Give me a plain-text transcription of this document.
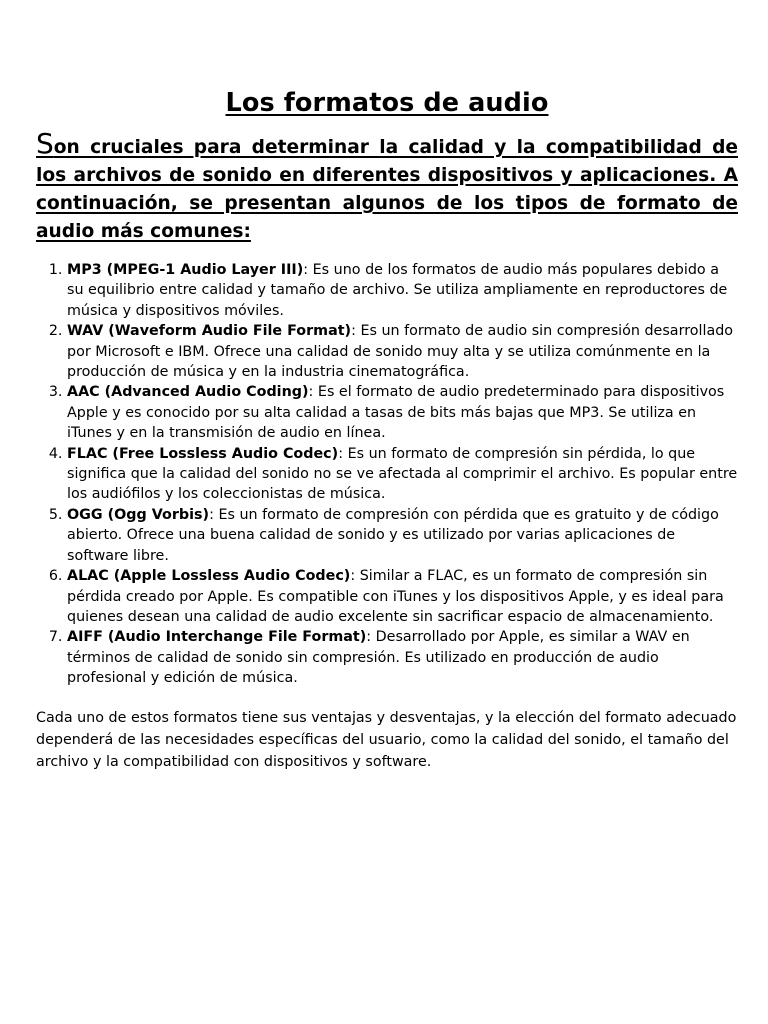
Los formatos de audio

Son cruciales para determinar la calidad y la compatibilidad de los archivos de sonido en diferentes dispositivos y aplicaciones. A continuación, se presentan algunos de los tipos de formato de audio más comunes:

1. MP3 (MPEG-1 Audio Layer III): Es uno de los formatos de audio más populares debido a su equilibrio entre calidad y tamaño de archivo. Se utiliza ampliamente en reproductores de música y dispositivos móviles.
2. WAV (Waveform Audio File Format): Es un formato de audio sin compresión desarrollado por Microsoft e IBM. Ofrece una calidad de sonido muy alta y se utiliza comúnmente en la producción de música y en la industria cinematográfica.
3. AAC (Advanced Audio Coding): Es el formato de audio predeterminado para dispositivos Apple y es conocido por su alta calidad a tasas de bits más bajas que MP3. Se utiliza en iTunes y en la transmisión de audio en línea.
4. FLAC (Free Lossless Audio Codec): Es un formato de compresión sin pérdida, lo que significa que la calidad del sonido no se ve afectada al comprimir el archivo. Es popular entre los audiófilos y los coleccionistas de música.
5. OGG (Ogg Vorbis): Es un formato de compresión con pérdida que es gratuito y de código abierto. Ofrece una buena calidad de sonido y es utilizado por varias aplicaciones de software libre.
6. ALAC (Apple Lossless Audio Codec): Similar a FLAC, es un formato de compresión sin pérdida creado por Apple. Es compatible con iTunes y los dispositivos Apple, y es ideal para quienes desean una calidad de audio excelente sin sacrificar espacio de almacenamiento.
7. AIFF (Audio Interchange File Format): Desarrollado por Apple, es similar a WAV en términos de calidad de sonido sin compresión. Es utilizado en producción de audio profesional y edición de música.

Cada uno de estos formatos tiene sus ventajas y desventajas, y la elección del formato adecuado dependerá de las necesidades específicas del usuario, como la calidad del sonido, el tamaño del archivo y la compatibilidad con dispositivos y software.
